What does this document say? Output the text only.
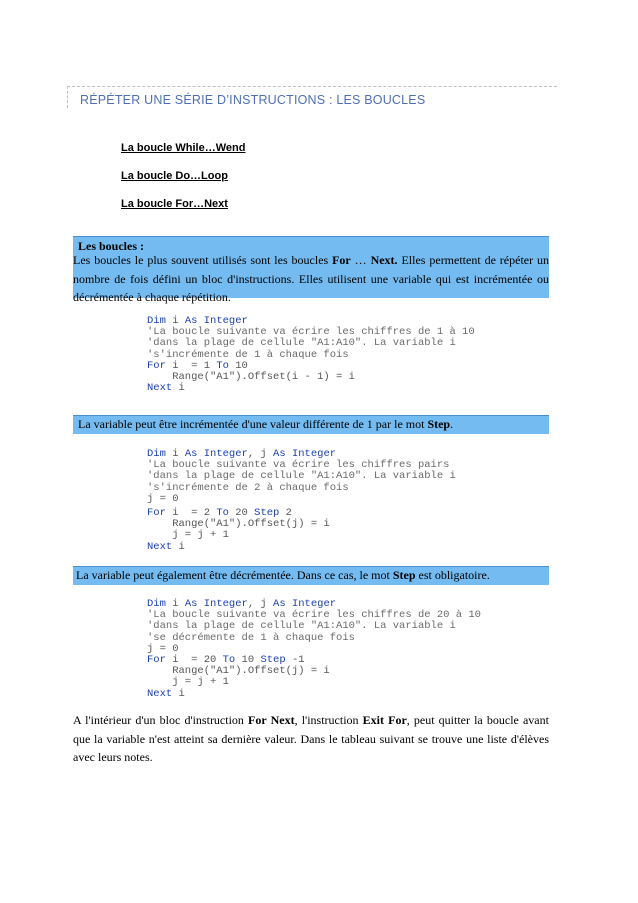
RÉPÉTER UNE SÉRIE D’INSTRUCTIONS : LES BOUCLES
La boucle While…Wend
La boucle Do…Loop
La boucle For…Next
Les boucles :
Les boucles le plus souvent utilisés sont les boucles For … Next. Elles permettent de répéter un nombre de fois défini un bloc d'instructions. Elles utilisent une variable qui est incrémentée ou décrémentée à chaque répétition.
Dim i As Integer
'La boucle suivante va écrire les chiffres de 1 à 10
'dans la plage de cellule "A1:A10". La variable i
's'incrémente de 1 à chaque fois
For i  = 1 To 10
Range("A1").Offset(i - 1) = i
Next i
La variable peut être incrémentée d'une valeur différente de 1 par le mot Step.
Dim i As Integer, j As Integer
'La boucle suivante va écrire les chiffres pairs
'dans la plage de cellule "A1:A10". La variable i
's'incrémente de 2 à chaque fois
j = 0

For i  = 2 To 20 Step 2
Range("A1").Offset(j) = i
j = j + 1
Next i
La variable peut également être décrémentée. Dans ce cas, le mot Step est obligatoire.
Dim i As Integer, j As Integer
'La boucle suivante va écrire les chiffres de 20 à 10
'dans la plage de cellule "A1:A10". La variable i
'se décrémente de 1 à chaque fois
j = 0
For i  = 20 To 10 Step -1
Range("A1").Offset(j) = i
j = j + 1
Next i
A l'intérieur d'un bloc d'instruction For Next, l'instruction Exit For, peut quitter la boucle avant que la variable n'est atteint sa dernière valeur. Dans le tableau suivant se trouve une liste d'élèves avec leurs notes.
